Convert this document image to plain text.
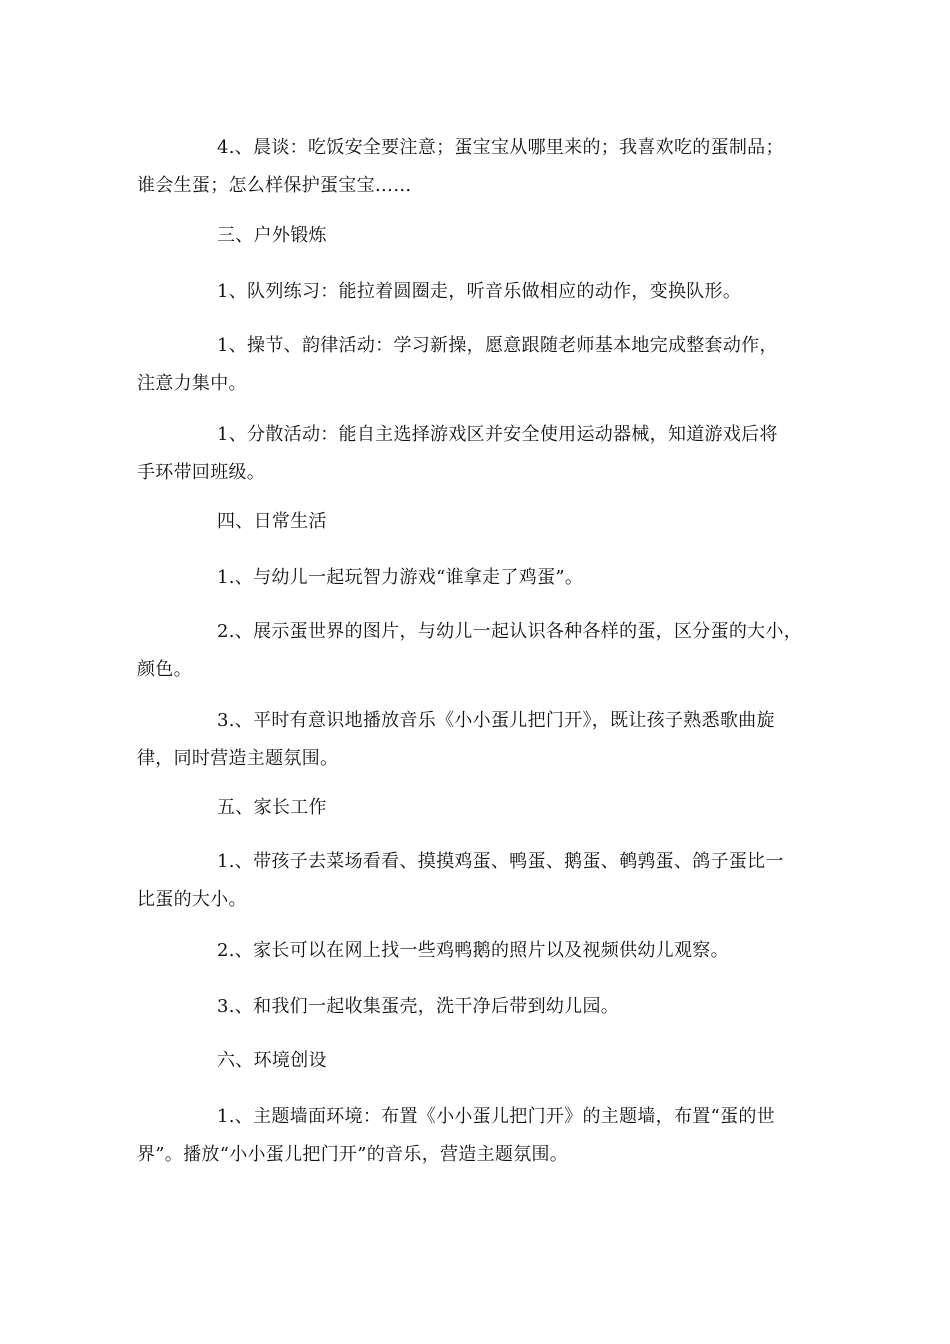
4.、晨谈：吃饭安全要注意；蛋宝宝从哪里来的；我喜欢吃的蛋制品；
谁会生蛋；怎么样保护蛋宝宝……
三、户外锻炼
1、队列练习：能拉着圆圈走，听音乐做相应的动作，变换队形。
1、操节、韵律活动：学习新操，愿意跟随老师基本地完成整套动作，
注意力集中。
1、分散活动：能自主选择游戏区并安全使用运动器械，知道游戏后将
手环带回班级。
四、日常生活
1.、与幼儿一起玩智力游戏“谁拿走了鸡蛋”。
2.、展示蛋世界的图片，与幼儿一起认识各种各样的蛋，区分蛋的大小，
颜色。
3.、平时有意识地播放音乐《小小蛋儿把门开》，既让孩子熟悉歌曲旋
律，同时营造主题氛围。
五、家长工作
1.、带孩子去菜场看看、摸摸鸡蛋、鸭蛋、鹅蛋、鹌鹑蛋、鸽子蛋比一
比蛋的大小。
2.、家长可以在网上找一些鸡鸭鹅的照片以及视频供幼儿观察。
3.、和我们一起收集蛋壳，洗干净后带到幼儿园。
六、环境创设
1.、主题墙面环境：布置《小小蛋儿把门开》的主题墙，布置“蛋的世
界”。播放“小小蛋儿把门开”的音乐，营造主题氛围。
